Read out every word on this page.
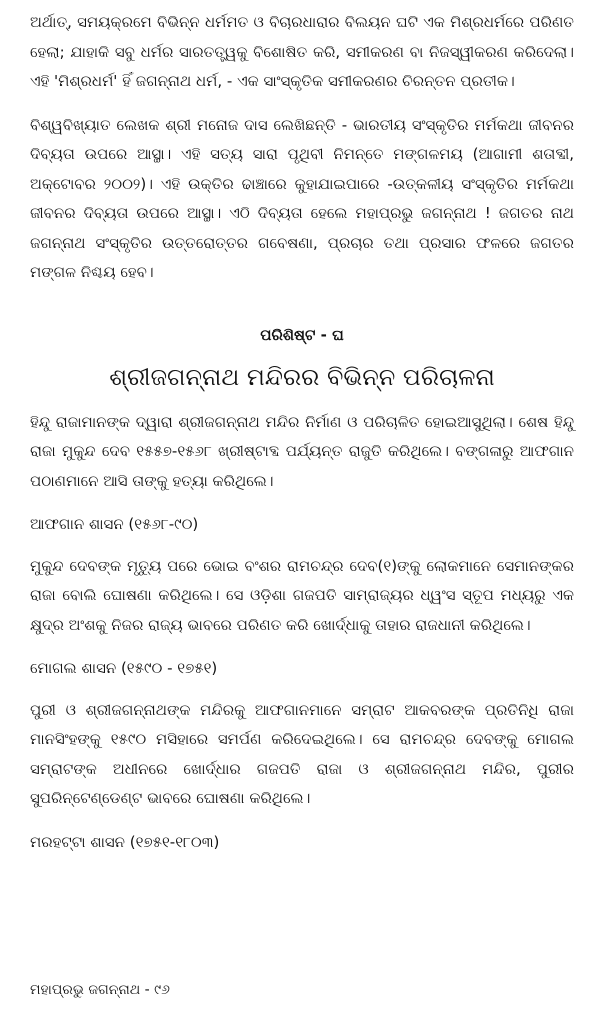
ଅର୍ଥାତ୍, ସମୟକ୍ରମେ ବିଭିନ୍ନ ଧର୍ମମତ ଓ ବିଚାରଧାରାର ବିଲୟନ ଘଟି ଏକ ମିଶ୍ରଧର୍ମରେ ପରିଣତ ହେଲା; ଯାହାକି ସବୁ ଧର୍ମର ସାରତତ୍ତ୍ୱକୁ ବିଶୋଷିତ କରି, ସମୀକରଣ ବା ନିଜସ୍ୱୀକରଣ କରିଦେଲା। ଏହି 'ମିଶ୍ରଧର୍ମ' ହିଁ ଜଗନ୍ନାଥ ଧର୍ମ, - ଏକ ସାଂସ୍କୃତିକ ସମୀକରଣର ଚିରନ୍ତନ ପ୍ରତୀକ।

ବିଶ୍ୱବିଖ୍ୟାତ ଲେଖକ ଶ୍ରୀ ମନୋଜ ଦାସ ଲେଖିଛନ୍ତି - ଭାରତୀୟ ସଂସ୍କୃତିର ମର୍ମକଥା ଜୀବନର ଦିବ୍ୟତା ଉପରେ ଆସ୍ଥା। ଏହି ସତ୍ୟ ସାରା ପୃଥିବୀ ନିମନ୍ତେ ମଙ୍ଗଳମୟ (ଆଗାମୀ ଶତାବ୍ଦୀ, ଅକ୍ଟୋବର ୨୦୦୨)। ଏହି ଉକ୍ତିର ଢାଞ୍ଚାରେ କୁହାଯାଇପାରେ -ଉତ୍କଳୀୟ ସଂସ୍କୃତିର ମର୍ମକଥା ଜୀବନର ଦିବ୍ୟତା ଉପରେ ଆସ୍ଥା। ଏଠି ଦିବ୍ୟତା ହେଲେ ମହାପ୍ରଭୁ ଜଗନ୍ନାଥ ! ଜଗତର ନାଥ ଜଗନ୍ନାଥ ସଂସ୍କୃତିର ଉତ୍ତରୋତ୍ତର ଗବେଷଣା, ପ୍ରଚାର ତଥା ପ୍ରସାର ଫଳରେ ଜଗତର ମଙ୍ଗଳ ନିଶ୍ଚୟ ହେବ।

ପରିଶିଷ୍ଟ - ଘ
ଶ୍ରୀଜଗନ୍ନାଥ ମନ୍ଦିରର ବିଭିନ୍ନ ପରିଚାଳନା

ହିନ୍ଦୁ ରାଜାମାନଙ୍କ ଦ୍ୱାରା ଶ୍ରୀଜଗନ୍ନାଥ ମନ୍ଦିର ନିର୍ମାଣ ଓ ପରିଚାଳିତ ହୋଇଆସୁଥିଲା। ଶେଷ ହିନ୍ଦୁ ରାଜା ମୁକୁନ୍ଦ ଦେବ ୧୫୫୭-୧୫୬୮ ଖ୍ରୀଷ୍ଟାବ୍ଦ ପର୍ଯ୍ୟନ୍ତ ରାଜୁତି କରିଥିଲେ। ବଙ୍ଗଳାରୁ ଆଫଗାନ ପଠାଣମାନେ ଆସି ତାଙ୍କୁ ହତ୍ୟା କରିଥିଲେ।

ଆଫଗାନ ଶାସନ (୧୫୬୮-୯୦)

ମୁକୁନ୍ଦ ଦେବଙ୍କ ମୃତ୍ୟୁ ପରେ ଭୋଇ ବଂଶର ରାମଚନ୍ଦ୍ର ଦେବ(୧)ଙ୍କୁ ଲୋକମାନେ ସେମାନଙ୍କର ରାଜା ବୋଲି ଘୋଷଣା କରିଥିଲେ। ସେ ଓଡ଼ିଶା ଗଜପତି ସାମ୍ରାଜ୍ୟର ଧ୍ୱଂସ ସ୍ତୂପ ମଧ୍ୟରୁ ଏକ କ୍ଷୁଦ୍ର ଅଂଶକୁ ନିଜର ରାଜ୍ୟ ଭାବରେ ପରିଣତ କରି ଖୋର୍ଦ୍ଧାକୁ ତାହାର ରାଜଧାନୀ କରିଥିଲେ।

ମୋଗଲ ଶାସନ (୧୫୯୦ - ୧୭୫୧)

ପୁରୀ ଓ ଶ୍ରୀଜଗନ୍ନାଥଙ୍କ ମନ୍ଦିରକୁ ଆଫଗାନମାନେ ସମ୍ରାଟ ଆକବରଙ୍କ ପ୍ରତିନିଧି ରାଜା ମାନସିଂହଙ୍କୁ ୧୫୯୦ ମସିହାରେ ସମର୍ପଣ କରିଦେଇଥିଲେ। ସେ ରାମଚନ୍ଦ୍ର ଦେବଙ୍କୁ ମୋଗଲ ସମ୍ରାଟଙ୍କ ଅଧୀନରେ ଖୋର୍ଦ୍ଧାର ଗଜପତି ରାଜା ଓ ଶ୍ରୀଜଗନ୍ନାଥ ମନ୍ଦିର, ପୁରୀର ସୁପରିନ୍‌ଟେଣ୍ଡେଣ୍ଟ ଭାବରେ ଘୋଷଣା କରିଥିଲେ।

ମରହଟ୍ଟା ଶାସନ (୧୭୫୧-୧୮୦୩)
ମହାପ୍ରଭୁ ଜଗନ୍ନାଥ - ୯୬
